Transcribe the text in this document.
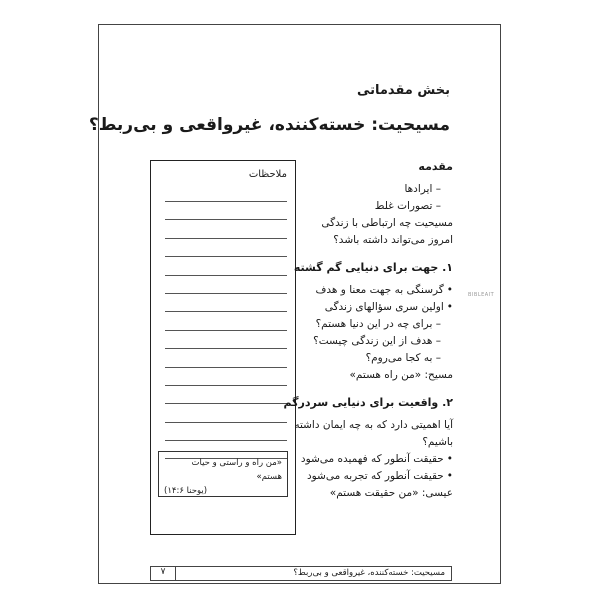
بخش مقدماتی
مسیحیت: خسته‌کننده، غیرواقعی و بی‌ربط؟
ملاحظات
«من راه و راستی و حیات هستم»
(یوحنا ۱۴:۶)
مقدمه
– ایرادها
– تصورات غلط
مسیحیت چه ارتباطی با زندگی
امروز می‌تواند داشته باشد؟
۱. جهت برای دنیایی گم گشته
• گرسنگی به جهت معنا و هدف
• اولین سری سؤالهای زندگی
– برای چه در این دنیا هستم؟
– هدف از این زندگی چیست؟
– به کجا می‌روم؟
مسیح: «من راه هستم»
۲. واقعیت برای دنیایی سردرگم
آیا اهمیتی دارد که به چه ایمان داشته
باشیم؟
• حقیقت آنطور که فهمیده می‌شود
• حقیقت آنطور که تجربه می‌شود
عیسی: «من حقیقت هستم»
BIBLEAIT
۷	مسیحیت: خسته‌کننده، غیرواقعی و بی‌ربط؟
